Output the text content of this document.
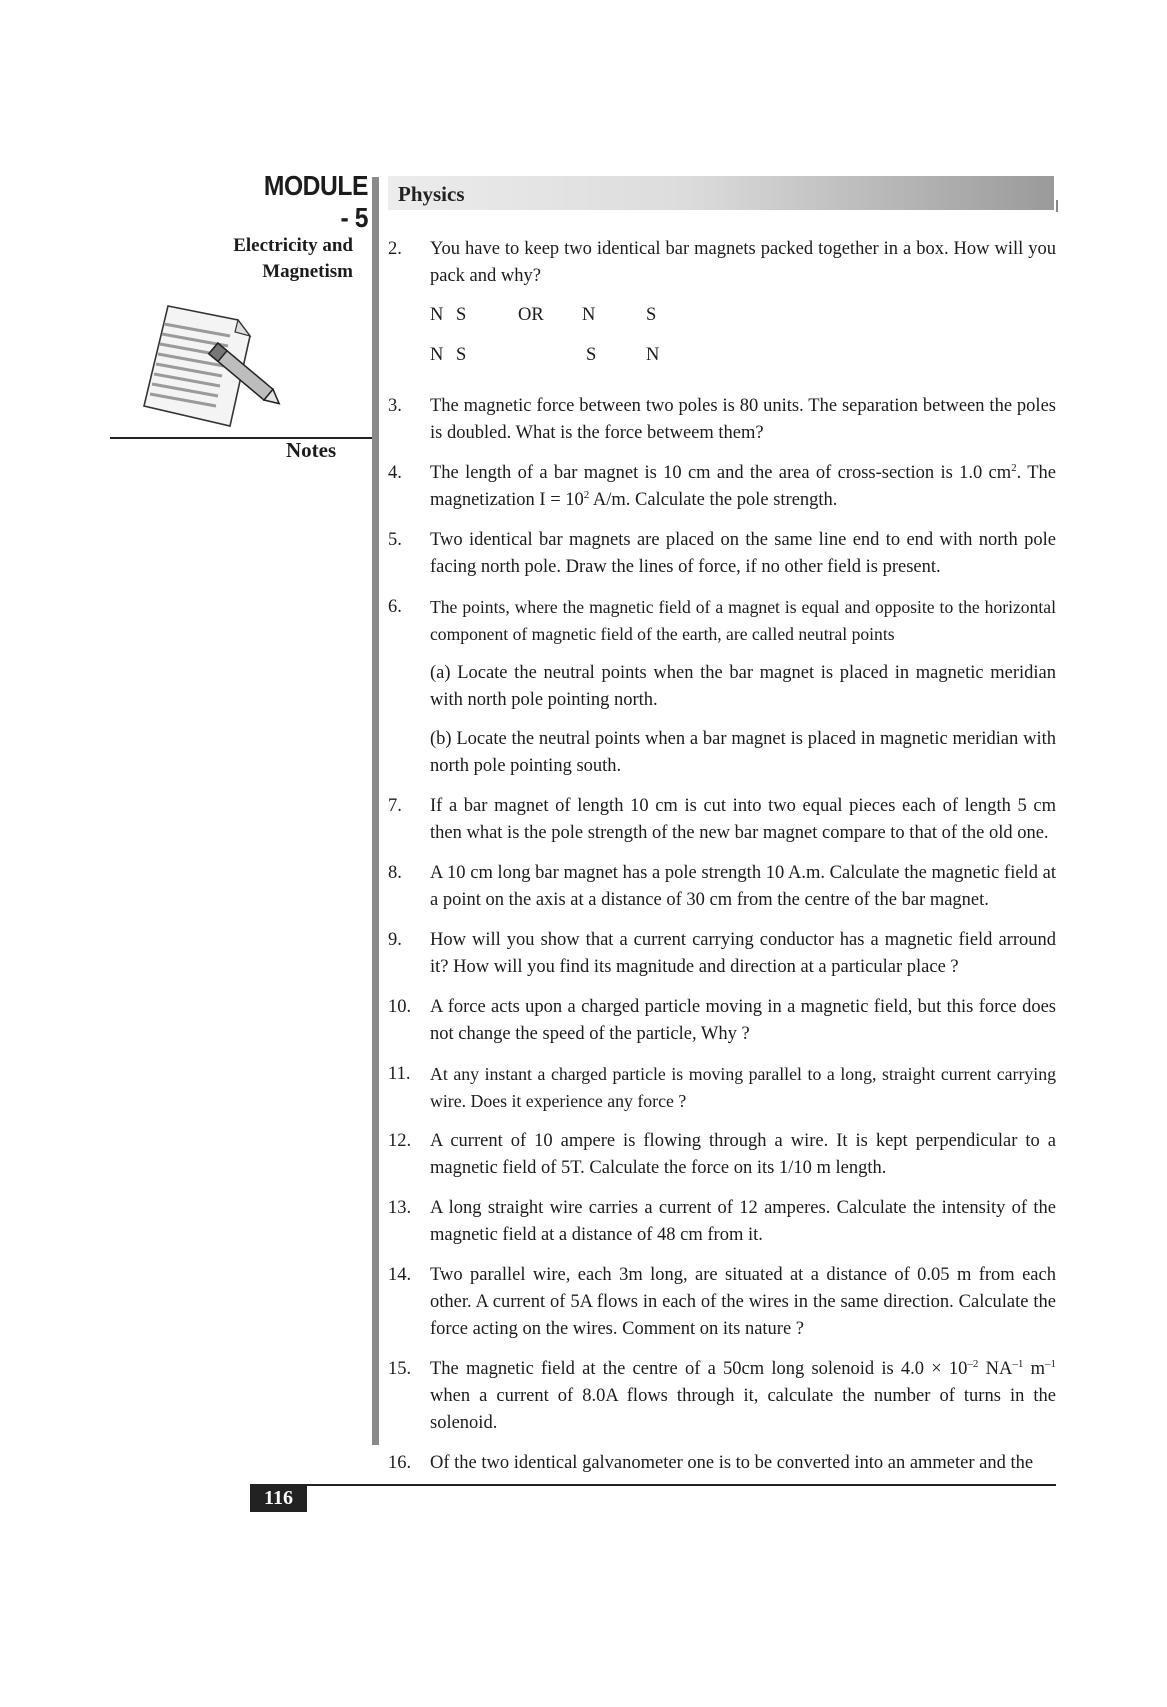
MODULE - 5
Electricity and
Magnetism
Notes
Physics
2.	You have to keep two identical bar magnets packed together in a box. How will you pack and why?

N S	OR N	S
N S	S	N
3.	The magnetic force between two poles is 80 units. The separation between the poles is doubled. What is the force betweem them?

4.	The length of a bar magnet is 10 cm and the area of cross-section is 1.0 $cm^2$. The magnetization $I = 10^2$ A/m. Calculate the pole strength.

5.	Two identical bar magnets are placed on the same line end to end with north pole facing north pole. Draw the lines of force, if no other field is present.

6.	The points, where the magnetic field of a magnet is equal and opposite to the horizontal component of magnetic field of the earth, are called neutral points

(a) Locate the neutral points when the bar magnet is placed in magnetic meridian with north pole pointing north.

(b) Locate the neutral points when a bar magnet is placed in magnetic meridian with north pole pointing south.

7.	If a bar magnet of length 10 cm is cut into two equal pieces each of length 5 cm then what is the pole strength of the new bar magnet compare to that of the old one.

8.	A 10 cm long bar magnet has a pole strength 10 A.m. Calculate the magnetic field at a point on the axis at a distance of 30 cm from the centre of the bar magnet.

9.	How will you show that a current carrying conductor has a magnetic field arround it? How will you find its magnitude and direction at a particular place ?

10.	A force acts upon a charged particle moving in a magnetic field, but this force does not change the speed of the particle, Why ?

11.	At any instant a charged particle is moving parallel to a long, straight current carrying wire. Does it experience any force ?

12.	A current of 10 ampere is flowing through a wire. It is kept perpendicular to a magnetic field of 5T. Calculate the force on its 1/10 m length.

13.	A long straight wire carries a current of 12 amperes. Calculate the intensity of the magnetic field at a distance of 48 cm from it.

14.	Two parallel wire, each 3m long, are situated at a distance of 0.05 m from each other. A current of 5A flows in each of the wires in the same direction. Calculate the force acting on the wires. Comment on its nature ?

15.	The magnetic field at the centre of a 50cm long solenoid is $4.0 \times 10^{-2}$ $NA^{-1}$ $m^{-1}$ when a current of 8.0A flows through it, calculate the number of turns in the solenoid.

16.	Of the two identical galvanometer one is to be converted into an ammeter and the

116
